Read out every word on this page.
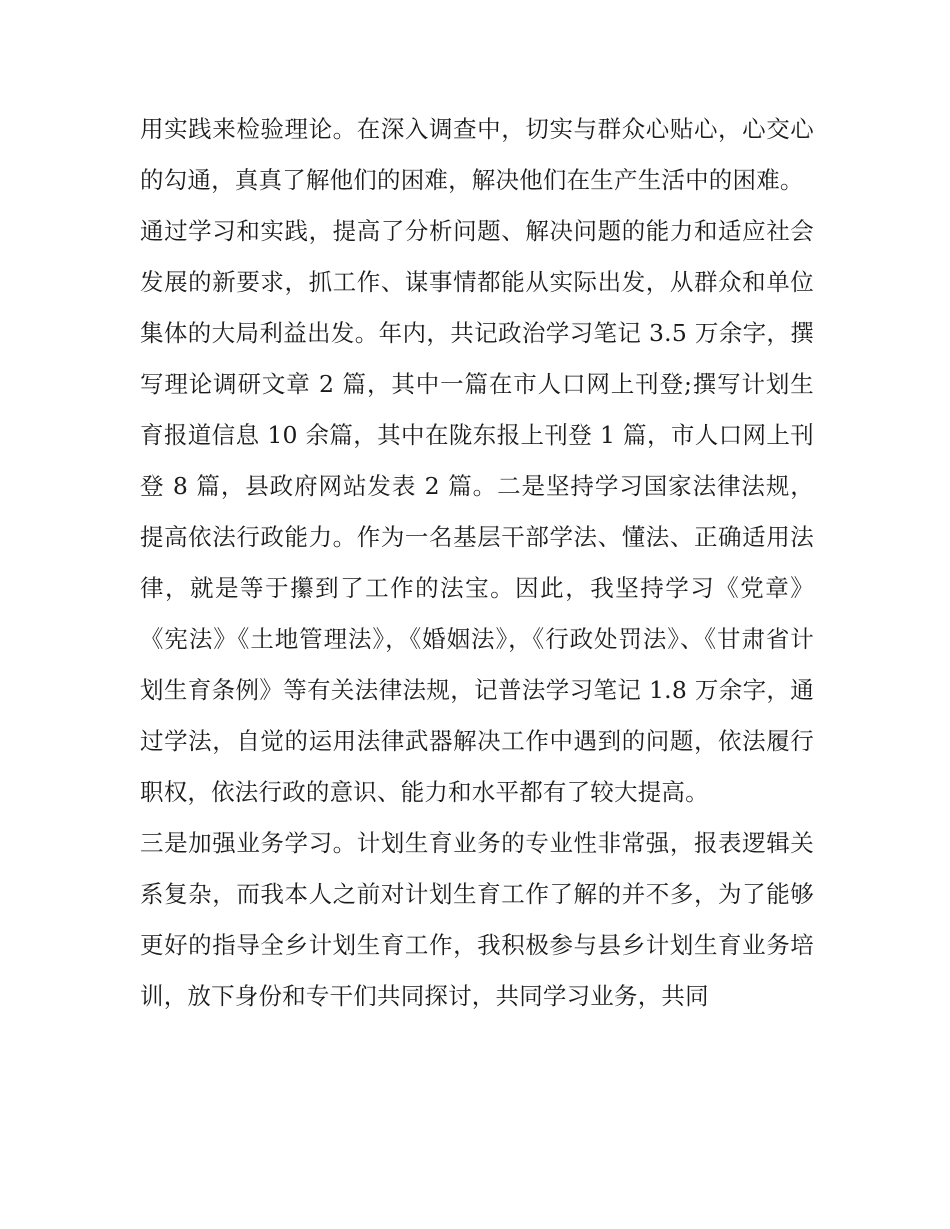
用实践来检验理论。在深入调查中，切实与群众心贴心，心交心的勾通，真真了解他们的困难，解决他们在生产生活中的困难。

通过学习和实践，提高了分析问题、解决问题的能力和适应社会发展的新要求，抓工作、谋事情都能从实际出发，从群众和单位集体的大局利益出发。年内，共记政治学习笔记 3.5 万余字，撰写理论调研文章 2 篇，其中一篇在市人口网上刊登;撰写计划生育报道信息 10 余篇，其中在陇东报上刊登 1 篇，市人口网上刊登 8 篇，县政府网站发表 2 篇。二是坚持学习国家法律法规，提高依法行政能力。作为一名基层干部学法、懂法、正确适用法律，就是等于攥到了工作的法宝。因此，我坚持学习《党章》《宪法》《土地管理法》，《婚姻法》，《行政处罚法》、《甘肃省计划生育条例》等有关法律法规，记普法学习笔记 1.8 万余字，通过学法，自觉的运用法律武器解决工作中遇到的问题，依法履行职权，依法行政的意识、能力和水平都有了较大提高。

三是加强业务学习。计划生育业务的专业性非常强，报表逻辑关系复杂，而我本人之前对计划生育工作了解的并不多，为了能够更好的指导全乡计划生育工作，我积极参与县乡计划生育业务培训，放下身份和专干们共同探讨，共同学习业务，共同
